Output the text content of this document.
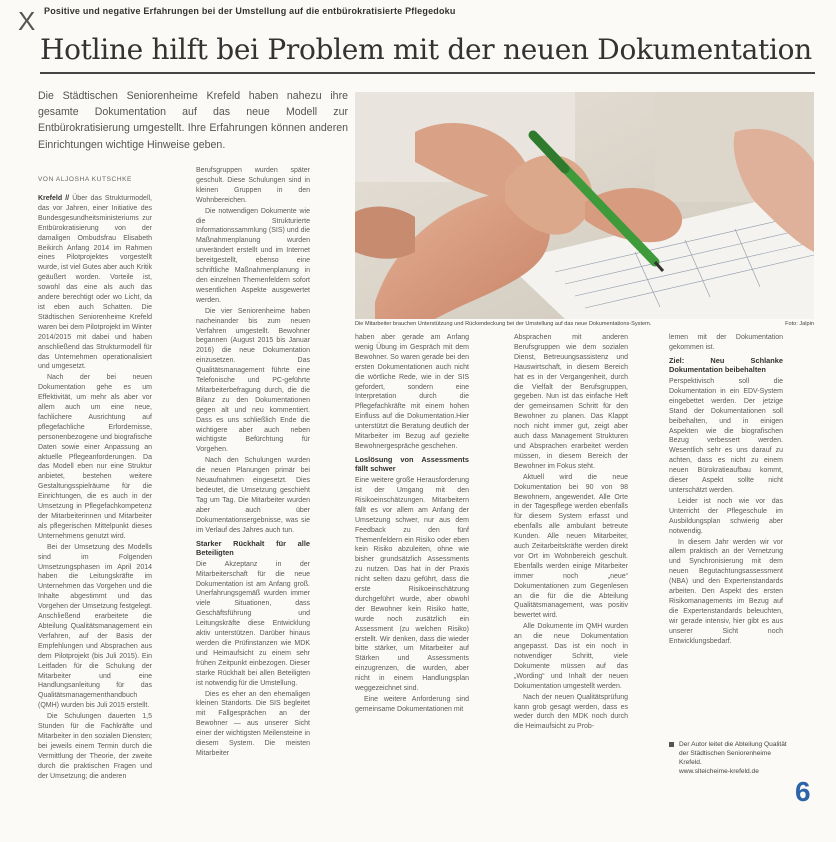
X Positive und negative Erfahrungen bei der Umstellung auf die entbürokratisierte Pflegedoku
Hotline hilft bei Problem mit der neuen Dokumentation
Die Städtischen Seniorenheime Krefeld haben nahezu ihre gesamte Dokumentation auf das neue Modell zur Entbürokratisierung umgestellt. Ihre Erfahrungen können anderen Einrichtungen wichtige Hinweise geben.
VON ALJOSHA KUTSCHKE
Die Mitarbeiter brauchen Unterstützung und Rückendeckung bei der Umstellung auf das neue Dokumentations-System.	Foto: Jalpin

Krefeld // Über das Strukturmodell, das vor Jahren, einer Initiative des Bundesgesundheitsministeriums zur Entbürokratisierung von der damaligen Ombudsfrau Elisabeth Beikirch Anfang 2014 im Rahmen eines Pilotprojektes vorgestellt wurde, ist viel Gutes aber auch Kritik geäußert worden. Vorteile ist, sowohl das eine als auch das andere berechtigt oder wo Licht, da ist eben auch Schatten. Die Städtischen Seniorenheime Krefeld waren bei dem Pilotprojekt im Winter 2014/2015 mit dabei und haben anschließend das Strukturmodell für das Unternehmen operationalisiert und umgesetzt.

Nach der bei neuen Dokumentation gehe es um Effektivität, um mehr als aber vor allem auch um eine neue, fachlichere Ausrichtung auf pflegefachliche Erfordernisse, personenbezogene und biografische Daten sowie einer Anpassung an aktuelle Pflegeanforderungen. Da das Modell eben nur eine Struktur anbietet, bestehen weitere Gestaltungsspielräume für die Einrichtungen, die es auch in der Umsetzung in Pflegefachkompetenz der Mitarbeiterinnen und Mitarbeiter als pflegerischen Mittelpunkt dieses Unternehmens genutzt wird.

Bei der Umsetzung des Modells sind im Folgenden Umsetzungsphasen im April 2014 haben die Leitungskräfte im Unternehmen das Vorgehen und die Inhalte abgestimmt und das Vorgehen der Umsetzung festgelegt. Anschließend erarbeitete die Abteilung Qualitätsmanagement ein Verfahren, auf der Basis der Empfehlungen und Absprachen aus dem Pilotprojekt (bis Juli 2015). Ein Leitfaden für die Schulung der Mitarbeiter und eine Handlungsanleitung für das Qualitätsmanagementhandbuch (QMH) wurden bis Juli 2015 erstellt.

Die Schulungen dauerten 1,5 Stunden für die Fachkräfte und Mitarbeiter in den sozialen Diensten; bei jeweils einem Termin durch die Vermittlung der Theorie, der zweite durch die praktischen Fragen und der Umsetzung; die anderen

Berufsgruppen wurden später geschult. Diese Schulungen sind in kleinen Gruppen in den Wohnbereichen.

Die notwendigen Dokumente wie die Strukturierte Informationssammlung (SIS) und die Maßnahmenplanung wurden unverändert erstellt und im Internet bereitgestellt, ebenso eine schriftliche Maßnahmenplanung in den einzelnen Themenfeldern sofort wesentlichen Aspekte ausgewertet werden.

Die vier Seniorenheime haben nacheinander bis zum neuen Verfahren umgestellt. Bewohner begannen (August 2015 bis Januar 2016) die neue Dokumentation einzusetzen. Das Qualitätsmanagement führte eine Telefonische und PC-geführte Mitarbeiterbefragung durch, die die Bilanz zu den Dokumentationen gegen alt und neu kommentiert. Dass es uns schließlich Ende die wichtigere aber auch neben wichtigste Befürchtung für Vorgehen.

Nach den Schulungen wurden die neuen Planungen primär bei Neuaufnahmen eingesetzt. Dies bedeutet, die Umsetzung geschieht Tag um Tag. Die Mitarbeiter wurden aber auch über Dokumentationsergebnisse, was sie im Verlauf des Jahres auch tun.

Starker Rückhalt für alle Beteiligten

Die Akzeptanz in der Mitarbeiterschaft für die neue Dokumentation ist am Anfang groß. Unerfahrungsgemäß wurden immer viele Situationen, dass Geschäftsführung und Leitungskräfte diese Entwicklung aktiv unterstützen. Darüber hinaus werden die Prüfinstanzen wie MDK und Heimaufsicht zu einem sehr frühen Zeitpunkt einbezogen. Dieser starke Rückhalt bei allen Beteiligten ist notwendig für die Umstellung.

Dies es eher an den ehemaligen kleinen Standorts. Die SIS begleitet mit Fallgesprächen an der Bewohner — aus unserer Sicht einer der wichtigsten Meilensteine in diesem System. Die meisten Mitarbeiter

haben aber gerade am Anfang wenig Übung im Gespräch mit dem Bewohner. So waren gerade bei den ersten Dokumentationen auch nicht die wörtliche Rede, wie in der SIS gefordert, sondern eine Interpretation durch die Pflegefachkräfte mit einem hohen Einfluss auf die Dokumentation.Hier unterstützt die Beratung deutlich der Mitarbeiter im Bezug auf gezielte Bewohnergespräche geschehen.

Loslösung von Assessments fällt schwer

Eine weitere große Herausforderung ist der Umgang mit den Risikoeinschätzungen. Mitarbeitern fällt es vor allem am Anfang der Umsetzung schwer, nur aus dem Feedback zu den fünf Themenfeldern ein Risiko oder eben kein Risiko abzuleiten, ohne wie bisher grundsätzlich Assessments zu nutzen. Das hat in der Praxis nicht selten dazu geführt, dass die erste Risikoeinschätzung durchgeführt wurde, aber obwohl der Bewohner kein Risiko hatte, wurde noch zusätzlich ein Assessment (zu welchen Risiko) erstellt. Wir denken, dass die wieder bitte stärker, um Mitarbeiter auf Stärken und Assessments einzugrenzen, die wurden, aber nicht in einem Handlungsplan weggezeichnet sind.

Eine weitere Anforderung sind gemeinsame Dokumentationen mit

Absprachen mit anderen Berufsgruppen wie dem sozialen Dienst, Betreuungsassistenz und Hauswirtschaft, in diesem Bereich hat es in der Vergangenheit, durch die Vielfalt der Berufsgruppen, gegeben. Nun ist das einfache Heft der gemeinsamen Schritt für den Bewohner zu planen. Das Klappt noch nicht immer gut, zeigt aber auch dass Management Strukturen und Absprachen erarbeitet werden müssen, in diesem Bereich der Bewohner im Fokus steht.

Aktuell wird die neue Dokumentation bei 90 von 98 Bewohnern, angewendet. Alle Orte in der Tagespflege werden ebenfalls für diesem System erfasst und ebenfalls alle ambulant betreute Kunden. Alle neuen Mitarbeiter, auch Zeitarbeitskräfte werden direkt vor Ort im Wohnbereich geschult. Ebenfalls werden einige Mitarbeiter immer noch „neue“ Dokumentationen zum Gegenlesen an die für die die Abteilung Qualitätsmanagement, was positiv bewertet wird.

Alle Dokumente im QMH wurden an die neue Dokumentation angepasst. Das ist ein noch in notwendiger Schritt, viele Dokumente müssen auf das „Wording“ und Inhalt der neuen Dokumentation umgestellt werden.

Nach der neuen Qualitätsprüfung kann grob gesagt werden, dass es weder durch den MDK noch durch die Heimaufsicht zu Prob-

lemen mit der Dokumentation gekommen ist.

Ziel: Neu Schlanke Dokumentation beibehalten

Perspektivisch soll die Dokumentation in ein EDV-System eingebettet werden. Der jetzige Stand der Dokumentationen soll beibehalten, und in einigen Aspekten wie die biografischen Bezug verbessert werden. Wesentlich sehr es uns darauf zu achten, dass es nicht zu einem neuen Bürokratieaufbau kommt, dieser Aspekt sollte nicht unterschätzt werden.

Leider ist noch wie vor das Unterricht der Pflegeschule im Ausbildungsplan schwierig aber notwendig.

In diesem Jahr werden wir vor allem praktisch an der Vernetzung und Synchronisierung mit dem neuen Begutachtungsassessment (NBA) und den Expertenstandards arbeiten. Den Aspekt des ersten Risikomanagements im Bezug auf die Expertenstandards beleuchten, wir gerade intensiv, hier gibt es aus unserer Sicht noch Entwicklungsbedarf.

Der Autor leitet die Abteilung Qualität der Städtischen Seniorenheime Krefeld.
www.slteicheime-krefeld.de
6
